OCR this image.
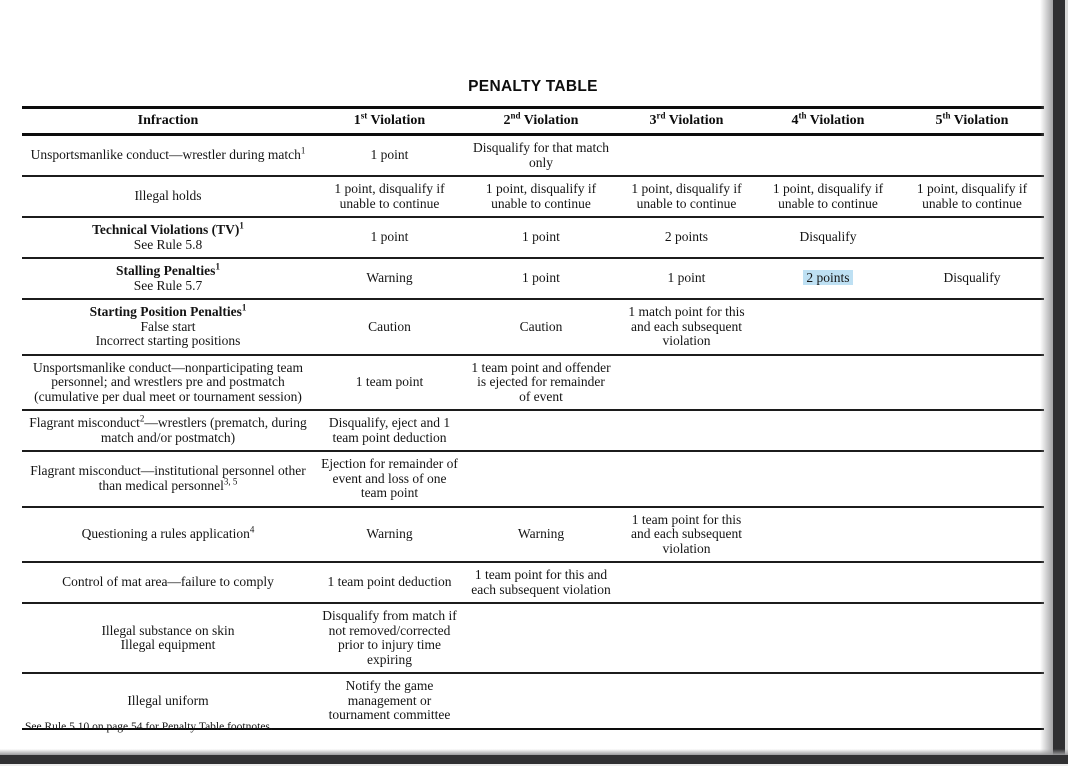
PENALTY TABLE
Infraction	1st Violation	2nd Violation	3rd Violation	4th Violation	5th Violation

Unsportsmanlike conduct—wrestler during match$^1$	1 point	Disqualify for that match only			

Illegal holds	1 point, disqualify if unable to continue	1 point, disqualify if unable to continue	1 point, disqualify if unable to continue	1 point, disqualify if unable to continue	1 point, disqualify if unable to continue

Technical Violations (TV)$^1$
See Rule 5.8	1 point	1 point	2 points	Disqualify	

Stalling Penalties$^1$
See Rule 5.7	Warning	1 point	1 point	2 points	Disqualify

Starting Position Penalties$^1$
False start
Incorrect starting positions	Caution	Caution	1 match point for this and each subsequent violation		

Unsportsmanlike conduct—nonparticipating team personnel; and wrestlers pre and postmatch (cumulative per dual meet or tournament session)	1 team point	1 team point and offender is ejected for remainder of event			

Flagrant misconduct$^2$—wrestlers (prematch, during match and/or postmatch)	Disqualify, eject and 1 team point deduction				

Flagrant misconduct—institutional personnel other than medical personnel$^{3, 5}$	Ejection for remainder of event and loss of one team point				

Questioning a rules application$^4$	Warning	Warning	1 team point for this and each subsequent violation		

Control of mat area—failure to comply	1 team point deduction	1 team point for this and each subsequent violation			

Illegal substance on skin
Illegal equipment	Disqualify from match if not removed/corrected prior to injury time expiring				

Illegal uniform	Notify the game management or tournament committee				
See Rule 5.10 on page 54 for Penalty Table footnotes.
